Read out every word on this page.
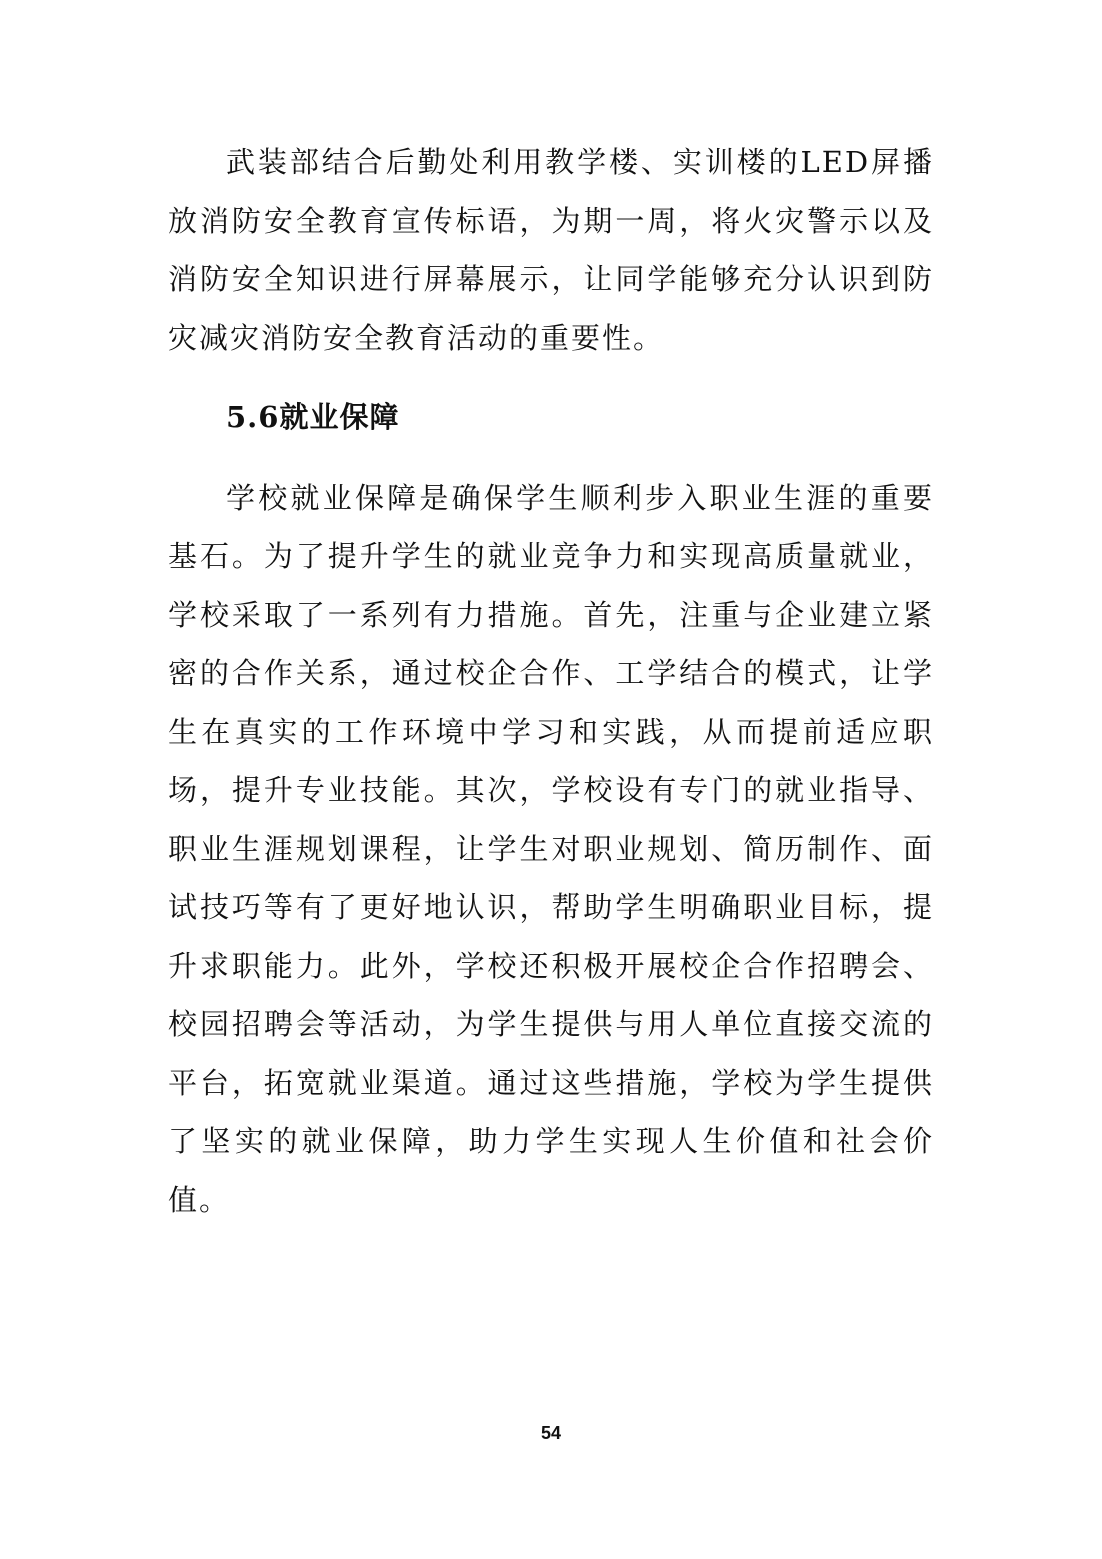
武装部结合后勤处利用教学楼、实训楼的LED屏播放消防安全教育宣传标语，为期一周，将火灾警示以及消防安全知识进行屏幕展示，让同学能够充分认识到防灾减灾消防安全教育活动的重要性。

5.6就业保障

学校就业保障是确保学生顺利步入职业生涯的重要基石。为了提升学生的就业竞争力和实现高质量就业，学校采取了一系列有力措施。首先，注重与企业建立紧密的合作关系，通过校企合作、工学结合的模式，让学生在真实的工作环境中学习和实践，从而提前适应职场，提升专业技能。其次，学校设有专门的就业指导、职业生涯规划课程，让学生对职业规划、简历制作、面试技巧等有了更好地认识，帮助学生明确职业目标，提升求职能力。此外，学校还积极开展校企合作招聘会、校园招聘会等活动，为学生提供与用人单位直接交流的平台，拓宽就业渠道。通过这些措施，学校为学生提供了坚实的就业保障，助力学生实现人生价值和社会价值。

54
